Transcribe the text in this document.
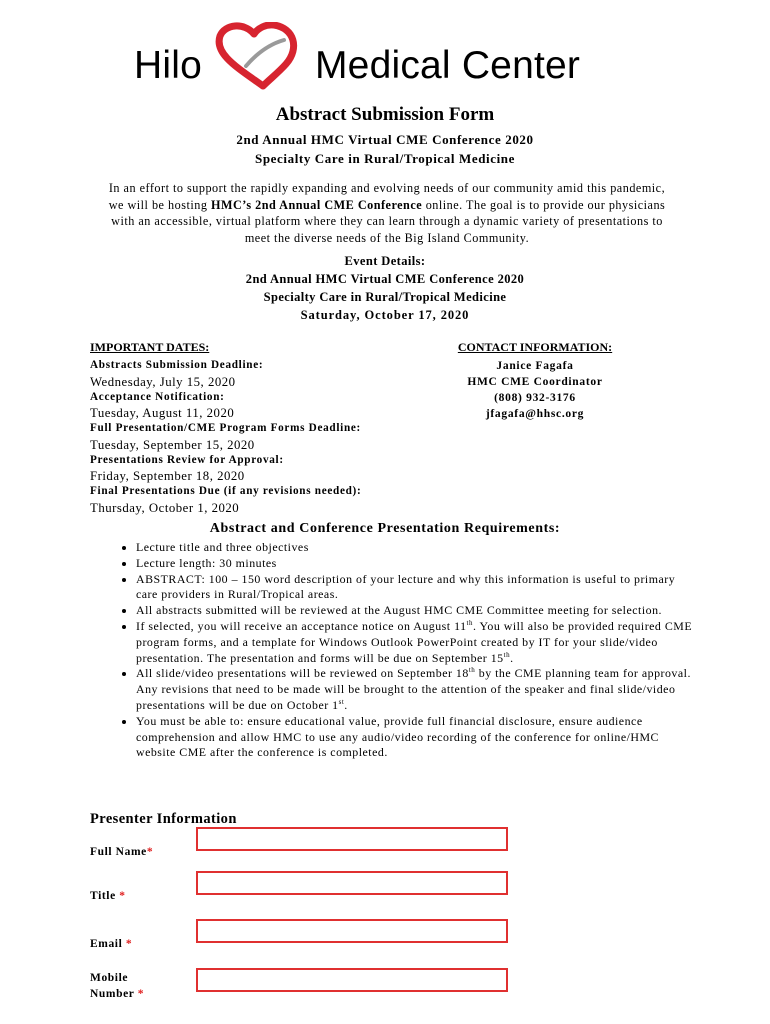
Hilo	Medical Center
Abstract Submission Form
2nd Annual HMC Virtual CME Conference 2020
Specialty Care in Rural/Tropical Medicine
In an effort to support the rapidly expanding and evolving needs of our community amid this pandemic, we will be hosting HMC’s 2nd Annual CME Conference online. The goal is to provide our physicians with an accessible, virtual platform where they can learn through a dynamic variety of presentations to meet the diverse needs of the Big Island Community.
Event Details:
2nd Annual HMC Virtual CME Conference 2020
Specialty Care in Rural/Tropical Medicine
Saturday, October 17, 2020
IMPORTANT DATES:
Abstracts Submission Deadline:
Wednesday, July 15, 2020
Acceptance Notification:
Tuesday, August 11, 2020
Full Presentation/CME Program Forms Deadline:
Tuesday, September 15, 2020
Presentations Review for Approval:
Friday, September 18, 2020
Final Presentations Due (if any revisions needed):
Thursday, October 1, 2020
CONTACT INFORMATION:
Janice Fagafa
HMC CME Coordinator
(808) 932-3176
jfagafa@hhsc.org
Abstract and Conference Presentation Requirements:
• Lecture title and three objectives
• Lecture length: 30 minutes
• ABSTRACT: 100 – 150 word description of your lecture and why this information is useful to primary care providers in Rural/Tropical areas.
• All abstracts submitted will be reviewed at the August HMC CME Committee meeting for selection.
• If selected, you will receive an acceptance notice on August 11th. You will also be provided required CME program forms, and a template for Windows Outlook PowerPoint created by IT for your slide/video presentation. The presentation and forms will be due on September 15th.
• All slide/video presentations will be reviewed on September 18th by the CME planning team for approval. Any revisions that need to be made will be brought to the attention of the speaker and final slide/video presentations will be due on October 1st.
• You must be able to: ensure educational value, provide full financial disclosure, ensure audience comprehension and allow HMC to use any audio/video recording of the conference for online/HMC website CME after the conference is completed.
Presenter Information
Full Name*
Title *
Email *
Mobile
Number *
